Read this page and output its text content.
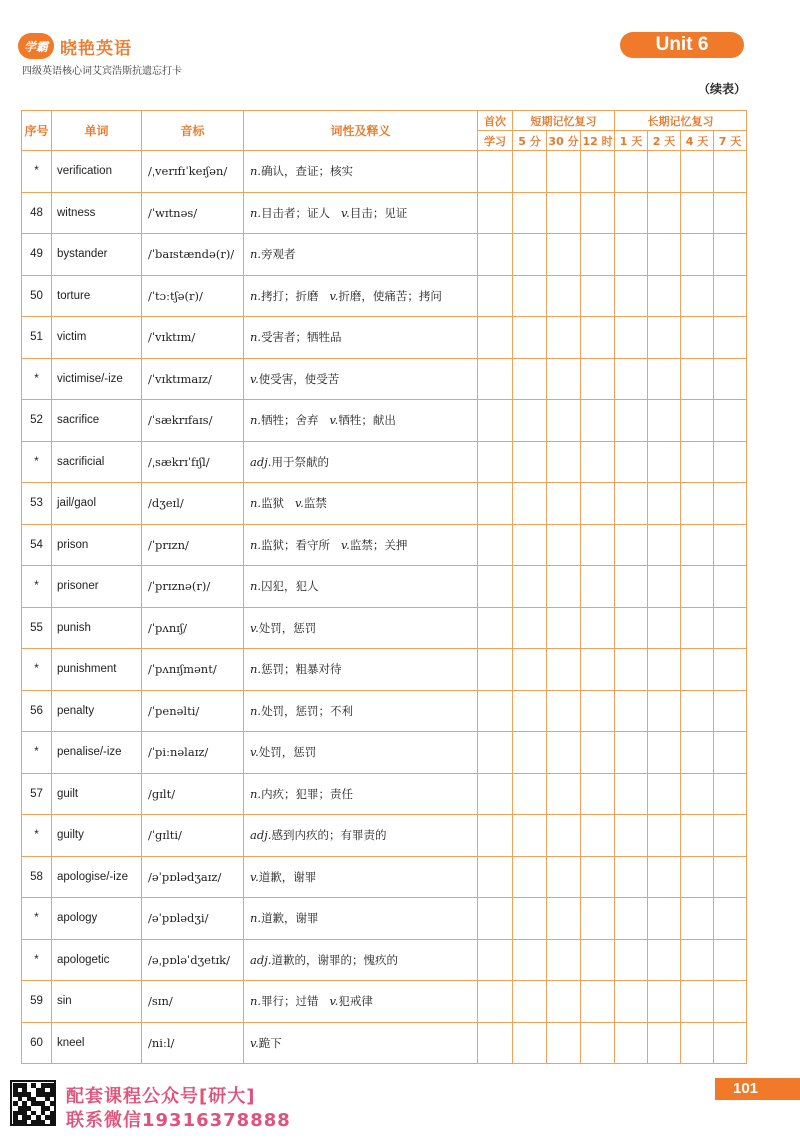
学霸 晓艳英语
四级英语核心词艾宾浩斯抗遗忘打卡
Unit 6
（续表）
序号	单词	音标	词性及释义	首次	短期记忆复习			长期记忆复习			
				学习	5 分	30 分	12 时	1 天	2 天	4 天	7 天
*	verification	/ˌverɪfɪˈkeɪʃən/	n.确认，查证；核实								
48	witness	/ˈwɪtnəs/	n.目击者；证人 v.目击；见证								
49	bystander	/ˈbaɪstændə(r)/	n.旁观者								
50	torture	/ˈtɔːtʃə(r)/	n.拷打；折磨 v.折磨，使痛苦；拷问								
51	victim	/ˈvɪktɪm/	n.受害者；牺牲品								
*	victimise/-ize	/ˈvɪktɪmaɪz/	v.使受害，使受苦								
52	sacrifice	/ˈsækrɪfaɪs/	n.牺牲；舍弃 v.牺牲；献出								
*	sacrificial	/ˌsækrɪˈfɪʃl/	adj.用于祭献的								
53	jail/gaol	/dʒeɪl/	n.监狱 v.监禁								
54	prison	/ˈprɪzn/	n.监狱；看守所 v.监禁；关押								
*	prisoner	/ˈprɪznə(r)/	n.囚犯，犯人								
55	punish	/ˈpʌnɪʃ/	v.处罚，惩罚								
*	punishment	/ˈpʌnɪʃmənt/	n.惩罚；粗暴对待								
56	penalty	/ˈpenəlti/	n.处罚，惩罚；不利								
*	penalise/-ize	/ˈpiːnəlaɪz/	v.处罚，惩罚								
57	guilt	/gɪlt/	n.内疚；犯罪；责任								
*	guilty	/ˈgɪlti/	adj.感到内疚的；有罪责的								
58	apologise/-ize	/əˈpɒlədʒaɪz/	v.道歉，谢罪								
*	apology	/əˈpɒlədʒi/	n.道歉，谢罪								
*	apologetic	/əˌpɒləˈdʒetɪk/	adj.道歉的，谢罪的；愧疚的								
59	sin	/sɪn/	n.罪行；过错 v.犯戒律								
60	kneel	/niːl/	v.跪下								
配套课程公众号[研大]
联系微信19316378888
101
